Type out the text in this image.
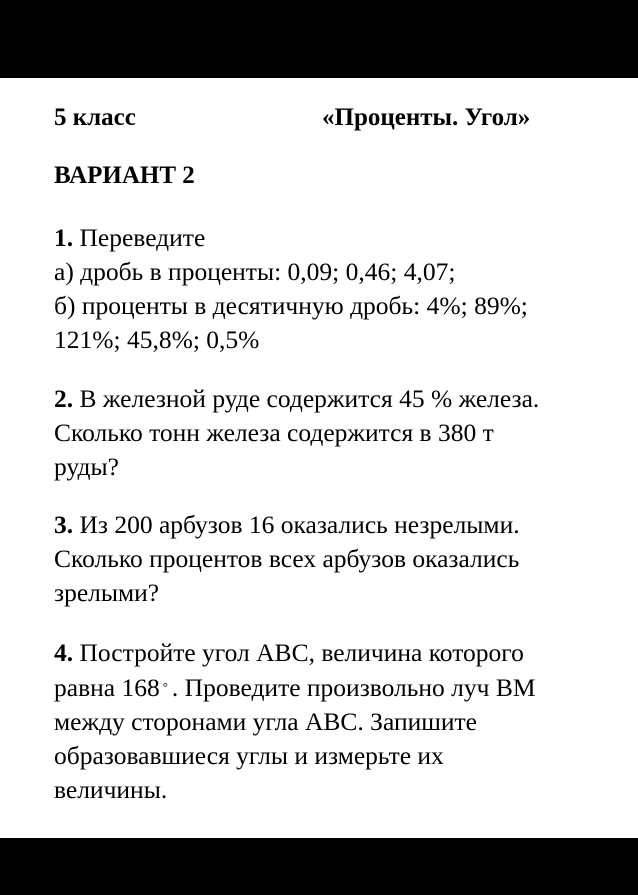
5 класс	«Проценты. Угол»
ВАРИАНТ 2
1. Переведите
а) дробь в проценты: 0,09; 0,46; 4,07;
б) проценты в десятичную дробь: 4%; 89%;
121%; 45,8%; 0,5%
2. В железной руде содержится 45 % железа.
Сколько тонн железа содержится в 380 т
руды?
3. Из 200 арбузов 16 оказались незрелыми.
Сколько процентов всех арбузов оказались
зрелыми?
4. Постройте угол ABC, величина которого
равна 168 ° . Проведите произвольно луч BM
между сторонами угла ABC. Запишите
образовавшиеся углы и измерьте их
величины.
